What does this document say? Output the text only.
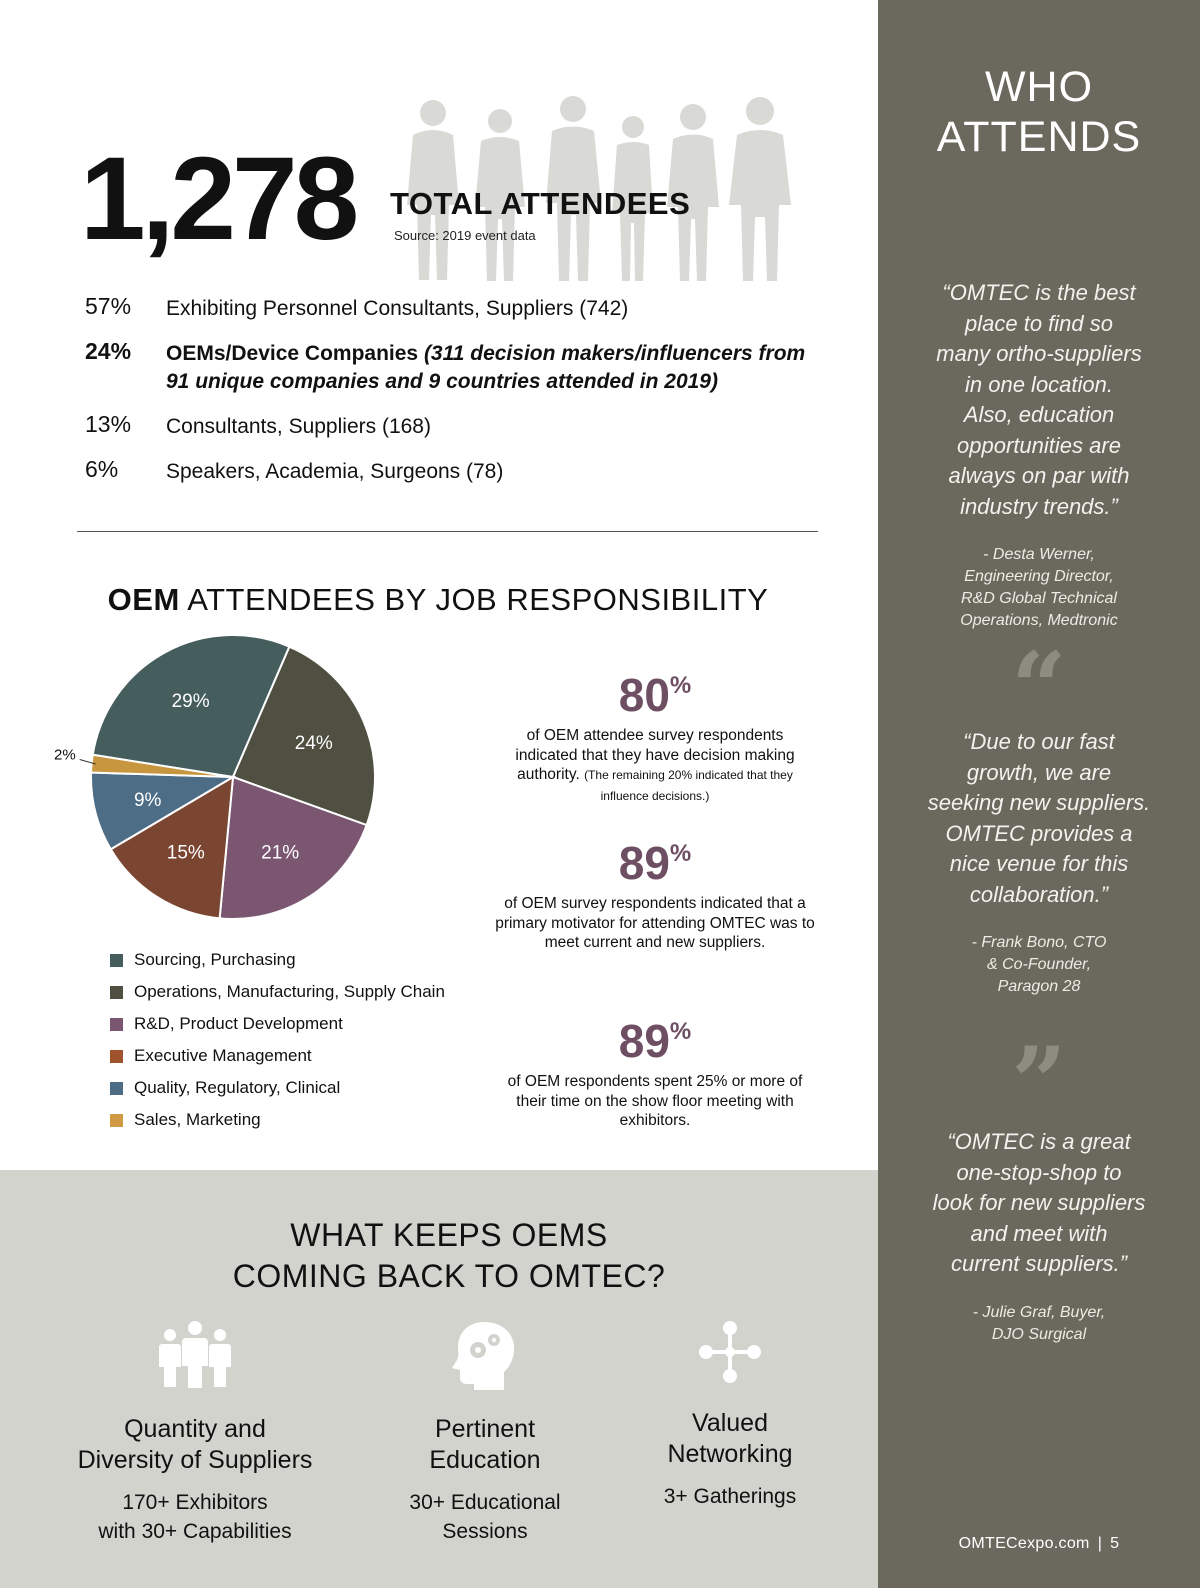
1,278 TOTAL ATTENDEES
Source: 2019 event data
57% Exhibiting Personnel Consultants, Suppliers (742)
24% OEMs/Device Companies (311 decision makers/influencers from 91 unique companies and 9 countries attended in 2019)
13% Consultants, Suppliers (168)
6% Speakers, Academia, Surgeons (78)
OEM ATTENDEES BY JOB RESPONSIBILITY
29%
24%
21%
15%
9%
2%
Sourcing, Purchasing
Operations, Manufacturing, Supply Chain
R&D, Product Development
Executive Management
Quality, Regulatory, Clinical
Sales, Marketing
80%
of OEM attendee survey respondents indicated that they have decision making authority. (The remaining 20% indicated that they influence decisions.)
89%
of OEM survey respondents indicated that a primary motivator for attending OMTEC was to meet current and new suppliers.
89%
of OEM respondents spent 25% or more of their time on the show floor meeting with exhibitors.
WHAT KEEPS OEMS
COMING BACK TO OMTEC?
Quantity and
Diversity of Suppliers
170+ Exhibitors
with 30+ Capabilities
Pertinent
Education
30+ Educational
Sessions
Valued
Networking
3+ Gatherings
WHO
ATTENDS
“OMTEC is the best
place to find so
many ortho-suppliers
in one location.
Also, education
opportunities are
always on par with
industry trends.”
- Desta Werner,
Engineering Director,
R&D Global Technical
Operations, Medtronic
“
“Due to our fast
growth, we are
seeking new suppliers.
OMTEC provides a
nice venue for this
collaboration.”
- Frank Bono, CTO
& Co-Founder,
Paragon 28
”
“OMTEC is a great
one-stop-shop to
look for new suppliers
and meet with
current suppliers.”
- Julie Graf, Buyer,
DJO Surgical
OMTECexpo.com | 5
